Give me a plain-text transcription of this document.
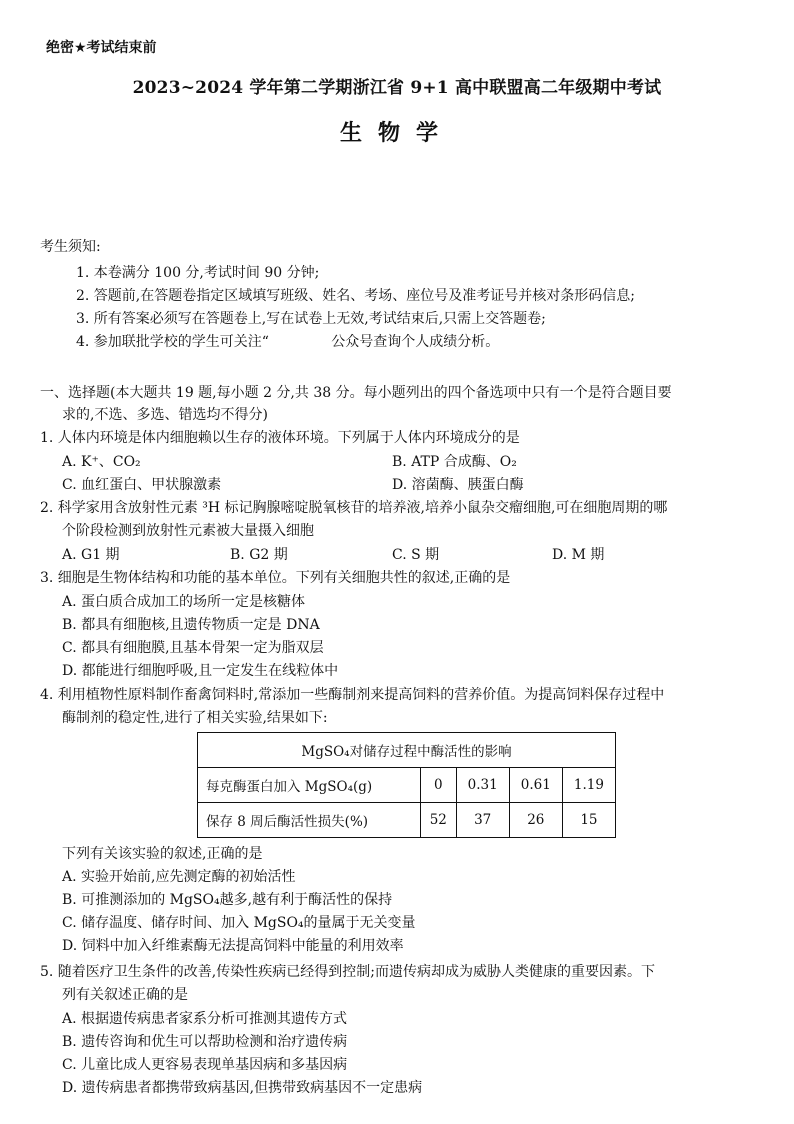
绝密★考试结束前
2023~2024 学年第二学期浙江省 9+1 高中联盟高二年级期中考试
生物学
考生须知:
1. 本卷满分 100 分,考试时间 90 分钟;
2. 答题前,在答题卷指定区域填写班级、姓名、考场、座位号及准考证号并核对条形码信息;
3. 所有答案必须写在答题卷上,写在试卷上无效,考试结束后,只需上交答题卷;
4. 参加联批学校的学生可关注“              公众号查询个人成绩分析。
一、选择题(本大题共 19 题,每小题 2 分,共 38 分。每小题列出的四个备选项中只有一个是符合题目要
求的,不选、多选、错选均不得分)
1. 人体内环境是体内细胞赖以生存的液体环境。下列属于人体内环境成分的是
A. K⁺、CO₂	B. ATP 合成酶、O₂
C. 血红蛋白、甲状腺激素	D. 溶菌酶、胰蛋白酶
2. 科学家用含放射性元素 ³H 标记胸腺嘧啶脱氧核苷的培养液,培养小鼠杂交瘤细胞,可在细胞周期的哪
个阶段检测到放射性元素被大量摄入细胞
A. G1 期	B. G2 期	C. S 期	D. M 期
3. 细胞是生物体结构和功能的基本单位。下列有关细胞共性的叙述,正确的是
A. 蛋白质合成加工的场所一定是核糖体
B. 都具有细胞核,且遗传物质一定是 DNA
C. 都具有细胞膜,且基本骨架一定为脂双层
D. 都能进行细胞呼吸,且一定发生在线粒体中
4. 利用植物性原料制作畜禽饲料时,常添加一些酶制剂来提高饲料的营养价值。为提高饲料保存过程中
酶制剂的稳定性,进行了相关实验,结果如下:
MgSO₄对储存过程中酶活性的影响				
每克酶蛋白加入 MgSO₄(g)	0	0.31	0.61	1.19
保存 8 周后酶活性损失(%)	52	37	26	15
下列有关该实验的叙述,正确的是
A. 实验开始前,应先测定酶的初始活性
B. 可推测添加的 MgSO₄越多,越有利于酶活性的保持
C. 储存温度、储存时间、加入 MgSO₄的量属于无关变量
D. 饲料中加入纤维素酶无法提高饲料中能量的利用效率
5. 随着医疗卫生条件的改善,传染性疾病已经得到控制;而遗传病却成为威胁人类健康的重要因素。下
列有关叙述正确的是
A. 根据遗传病患者家系分析可推测其遗传方式
B. 遗传咨询和优生可以帮助检测和治疗遗传病
C. 儿童比成人更容易表现单基因病和多基因病
D. 遗传病患者都携带致病基因,但携带致病基因不一定患病
